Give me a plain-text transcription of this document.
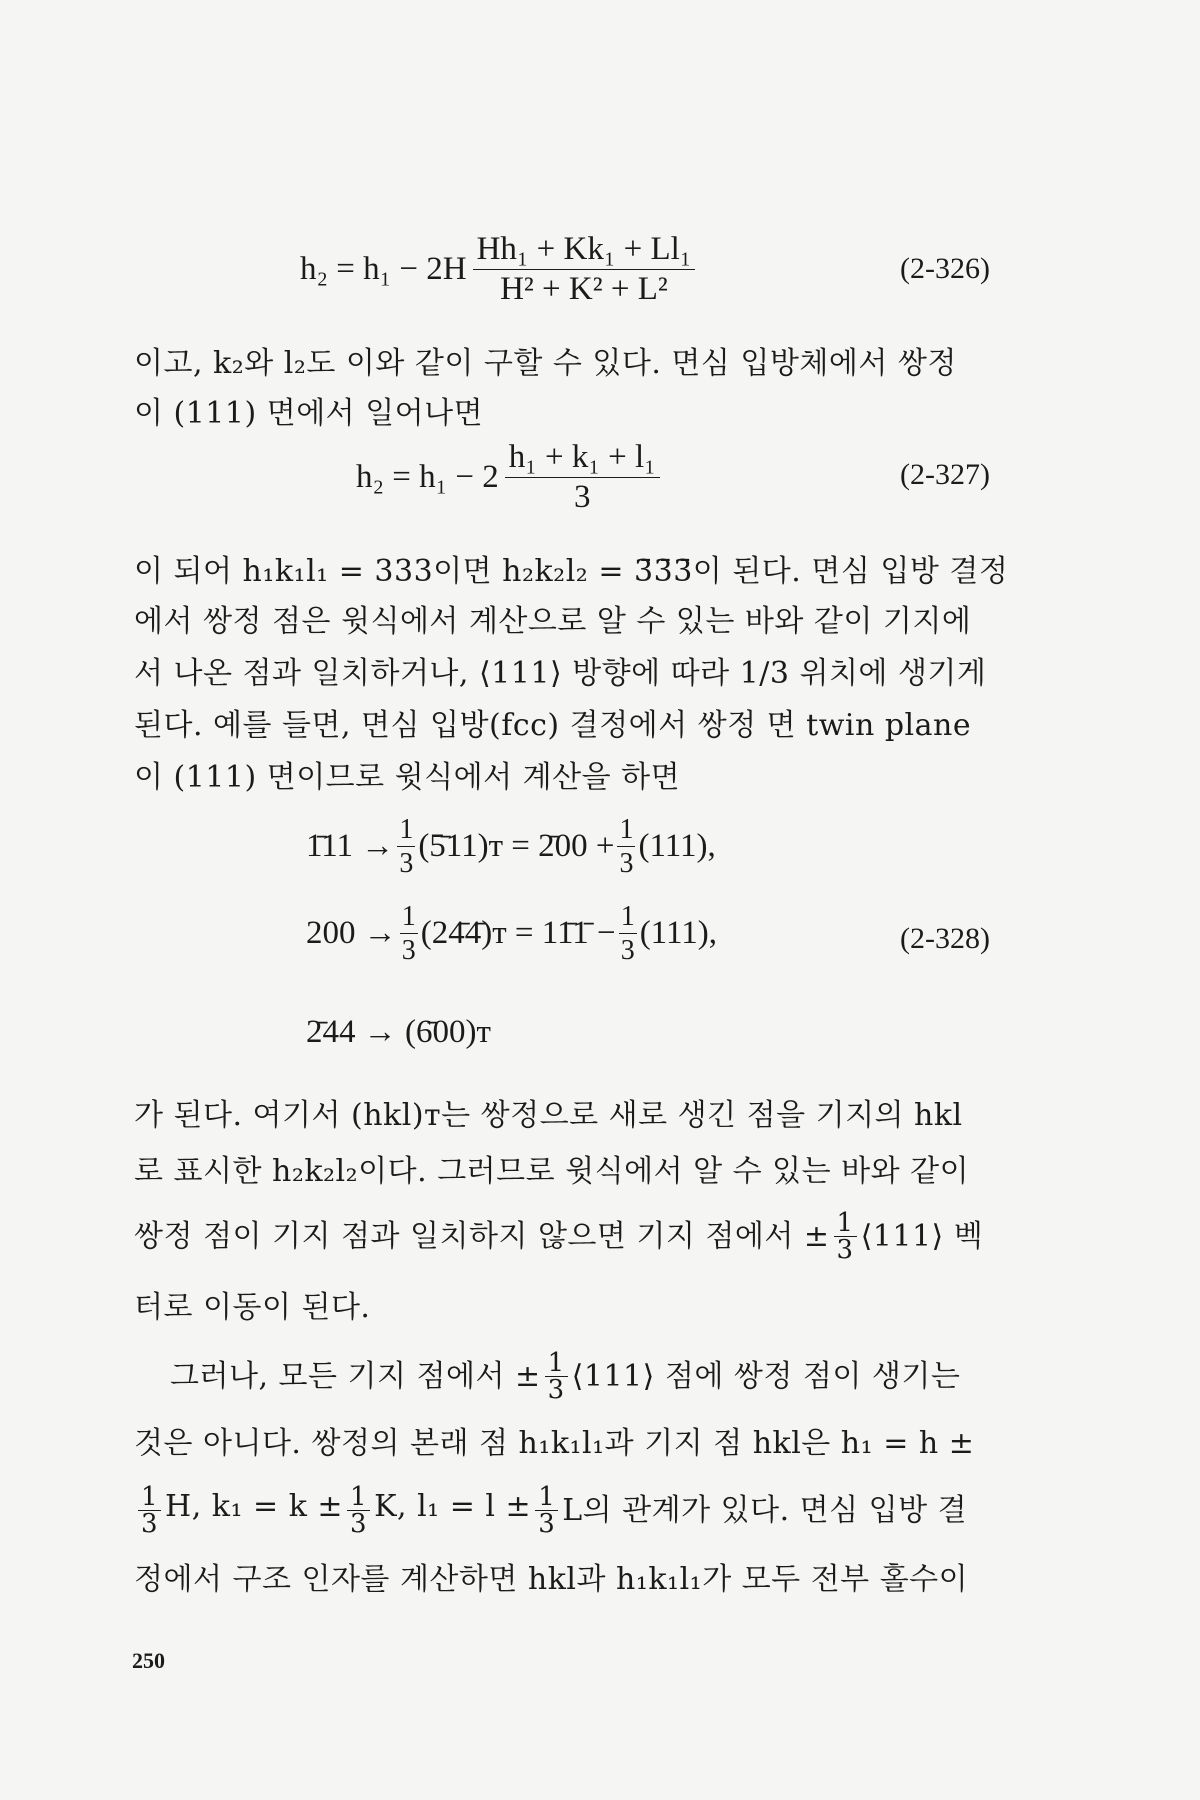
$h_2 = h_1 - 2H \frac{\text{Hh₁ + Kk₁ + Ll₁}}{\text{H² + K² + L²}}$	(2-326)
이고, k₂와 l₂도 이와 같이 구할 수 있다. 면심 입방체에서 쌍정
이 (111) 면에서 일어나면
$h_2 = h_1 - 2 \frac{\text{h₁ + k₁ + l₁}}{3}$	(2-327)
이 되어 h₁k₁l₁ = 333이면 h₂k₂l₂ = 3̄3̄3̄이 된다. 면심 입방 결정
에서 쌍정 점은 윗식에서 계산으로 알 수 있는 바와 같이 기지에
서 나온 점과 일치하거나, ⟨111⟩ 방향에 따라 1/3 위치에 생기게
된다. 예를 들면, 면심 입방(fcc) 결정에서 쌍정 면 twin plane
이 (111) 면이므로 윗식에서 계산을 하면
1̄11 → $\frac{1}{3}$ (5̄11)ᴛ = 2̄00 + $\frac{1}{3} (111)$,
$200 \to \frac{1}{3}$ (24̄4̄)ᴛ = 11̄1̄ − $\frac{1}{3} (111)$,
2̄44 → (6̄00)ᴛ
(2-328)
가 된다. 여기서 (hkl)ᴛ는 쌍정으로 새로 생긴 점을 기지의 hkl
로 표시한 h₂k₂l₂이다. 그러므로 윗식에서 알 수 있는 바와 같이
쌍정 점이 기지 점과 일치하지 않으면 기지 점에서 ± $\frac{1}{3}$ ⟨111⟩ 벡
터로 이동이 된다.
그러나, 모든 기지 점에서 ± $\frac{1}{3}$ ⟨111⟩ 점에 쌍정 점이 생기는
것은 아니다. 쌍정의 본래 점 h₁k₁l₁과 기지 점 hkl은 h₁ = h ±
$\frac{1}{3} H$, $k_1 = k \pm \frac{1}{3} K$, $l_1 = l \pm \frac{1}{3}$ L의 관계가 있다. 면심 입방 결
정에서 구조 인자를 계산하면 hkl과 h₁k₁l₁가 모두 전부 홀수이
250
